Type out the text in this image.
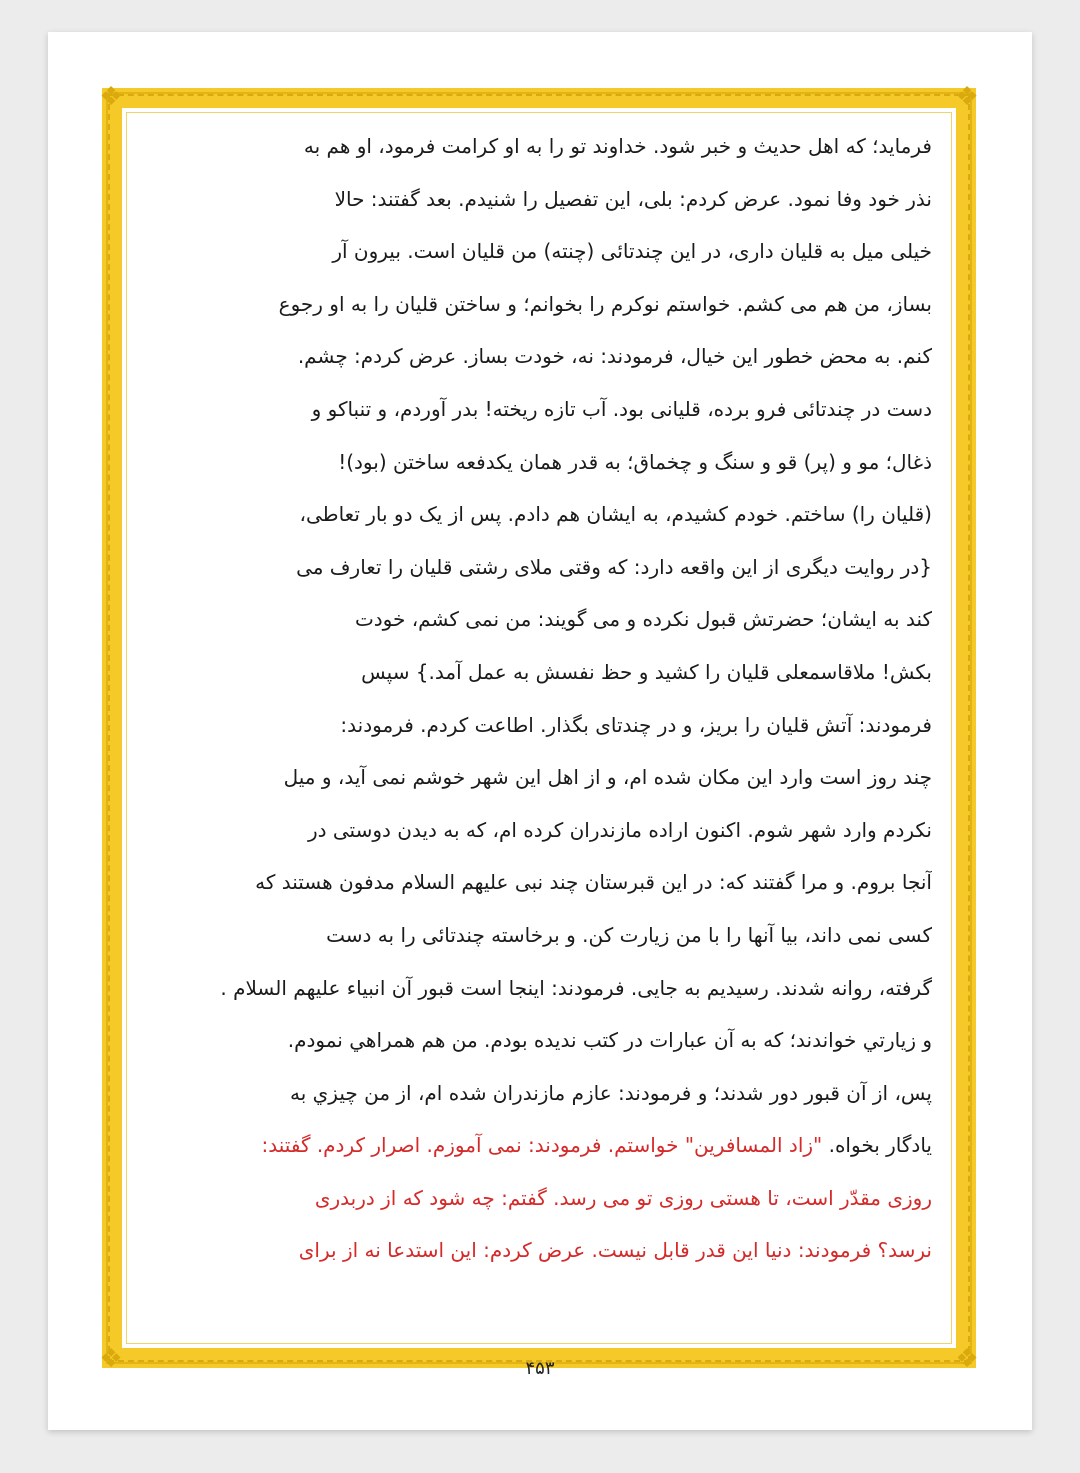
❖	❖
❖	❖
فرماید؛ که اهل حدیث و خبر شود. خداوند تو را به او کرامت فرمود، او هم به
نذر خود وفا نمود. عرض کردم: بلی، این تفصیل را شنیدم. بعد گفتند: حالا
خیلی میل به قلیان داری، در این چندتائی (چنته) من قلیان است. بیرون آر
بساز، من هم می کشم. خواستم نوکرم را بخوانم؛ و ساختن قلیان را به او رجوع
کنم. به محض خطور این خیال، فرمودند: نه، خودت بساز. عرض کردم: چشم.
دست در چندتائی فرو برده، قلیانی بود. آب تازه ریخته! بدر آوردم، و تنباکو و
ذغال؛ مو و (پر) قو و سنگ و چخماق؛ به قدر همان یکدفعه ساختن (بود)!
(قلیان را) ساختم. خودم کشیدم، به ایشان هم دادم. پس از یک دو بار تعاطی،
{در روایت دیگری از این واقعه دارد: که وقتی ملای رشتی قلیان را تعارف می
کند به ایشان؛ حضرتش قبول نکرده و می گویند: من نمی کشم، خودت
بکش! ملاقاسمعلی قلیان را کشید و حظ نفسش به عمل آمد.} سپس
فرمودند: آتش قلیان را بریز، و در چندتای بگذار. اطاعت کردم. فرمودند:
چند روز است وارد این مکان شده ام، و از اهل این شهر خوشم نمی آید، و میل
نکردم وارد شهر شوم. اکنون اراده مازندران کرده ام، که به دیدن دوستی در
آنجا بروم. و مرا گفتند که: در این قبرستان چند نبی علیهم السلام مدفون هستند که
کسی نمی داند، بیا آنها را با من زیارت کن. و برخاسته چندتائی را به دست
گرفته، روانه شدند. رسیدیم به جایی. فرمودند: اینجا است قبور آن انبیاء علیهم السلام .
و زیارتي خواندند؛ که به آن عبارات در کتب ندیده بودم. من هم همراهي نمودم.
پس، از آن قبور دور شدند؛ و فرمودند: عازم مازندران شده ام، از من چیزي به
یادگار بخواه. "زاد المسافرین" خواستم. فرمودند: نمی آموزم. اصرار کردم. گفتند:
روزی مقدّر است، تا هستی روزی تو می رسد. گفتم: چه شود که از دربدری
نرسد؟ فرمودند: دنیا این قدر قابل نیست. عرض کردم: این استدعا نه از برای
۴۵۳
